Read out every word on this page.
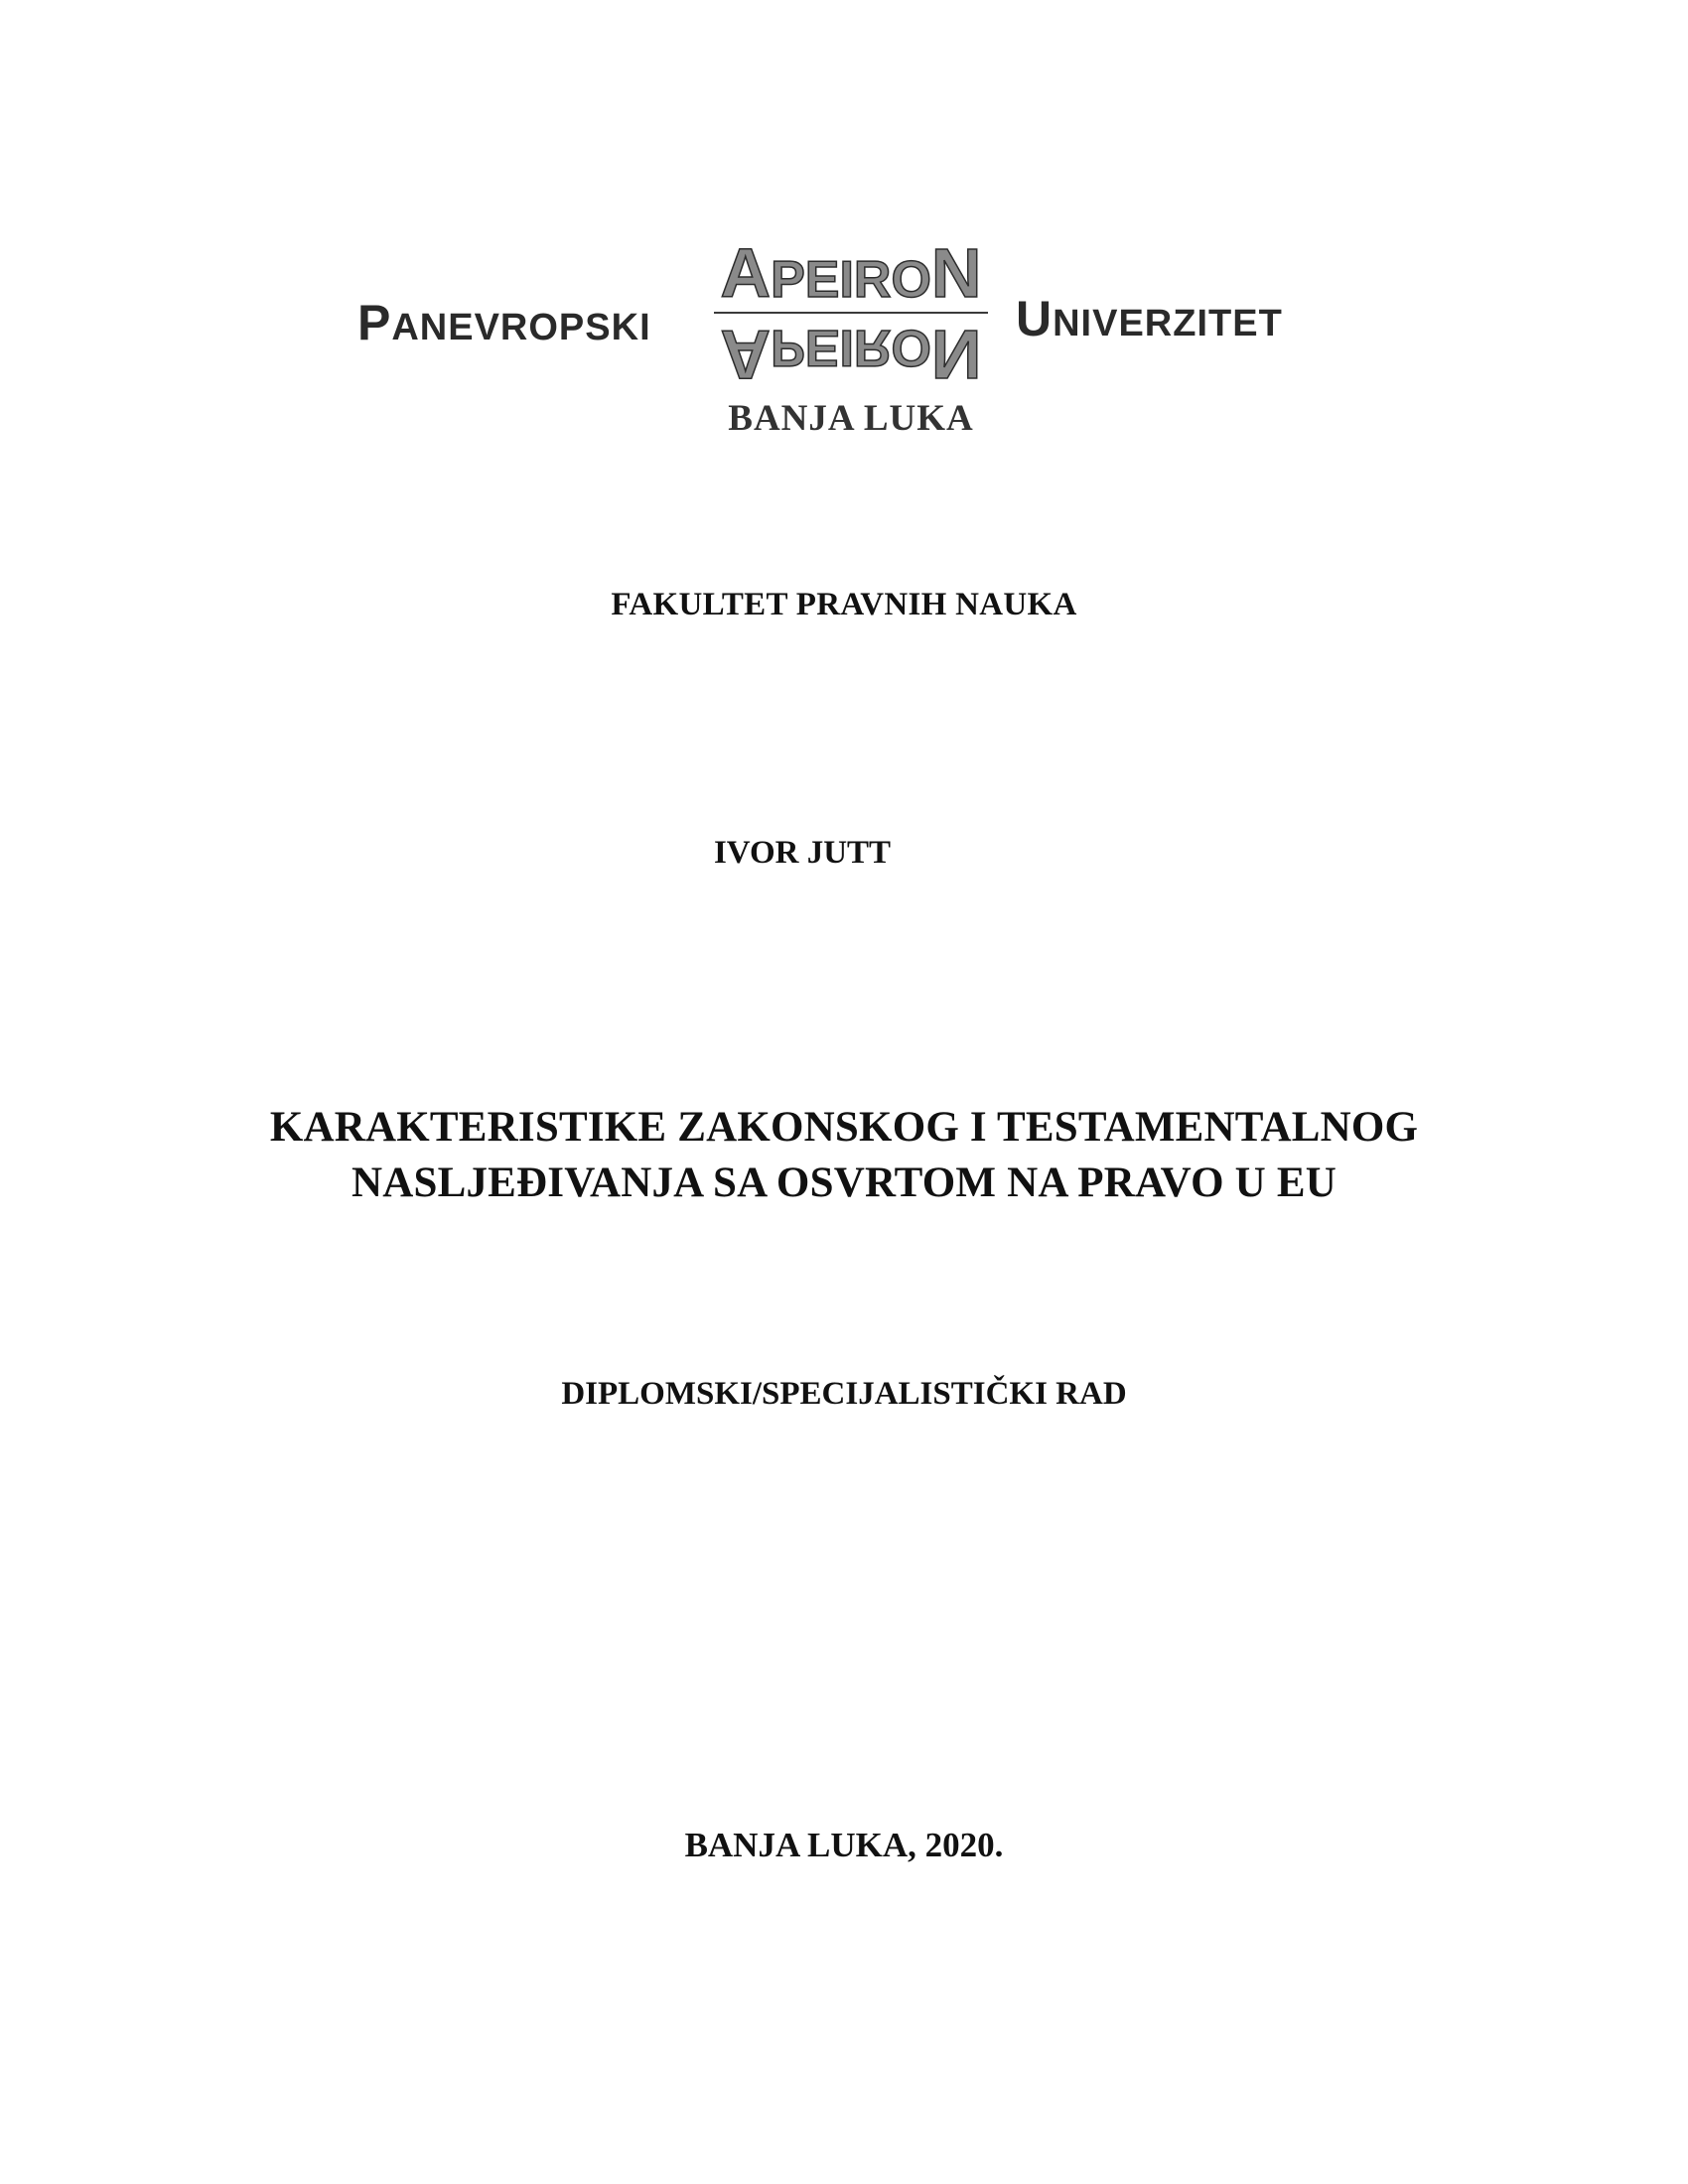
PANEVROPSKI
APEIRON
APEIRON UNIVERZITET
BANJA LUKA
FAKULTET PRAVNIH NAUKA
IVOR JUTT
KARAKTERISTIKE ZAKONSKOG I TESTAMENTALNOG
NASLJEĐIVANJA SA OSVRTOM NA PRAVO U EU
DIPLOMSKI/SPECIJALISTIČKI RAD
BANJA LUKA, 2020.
